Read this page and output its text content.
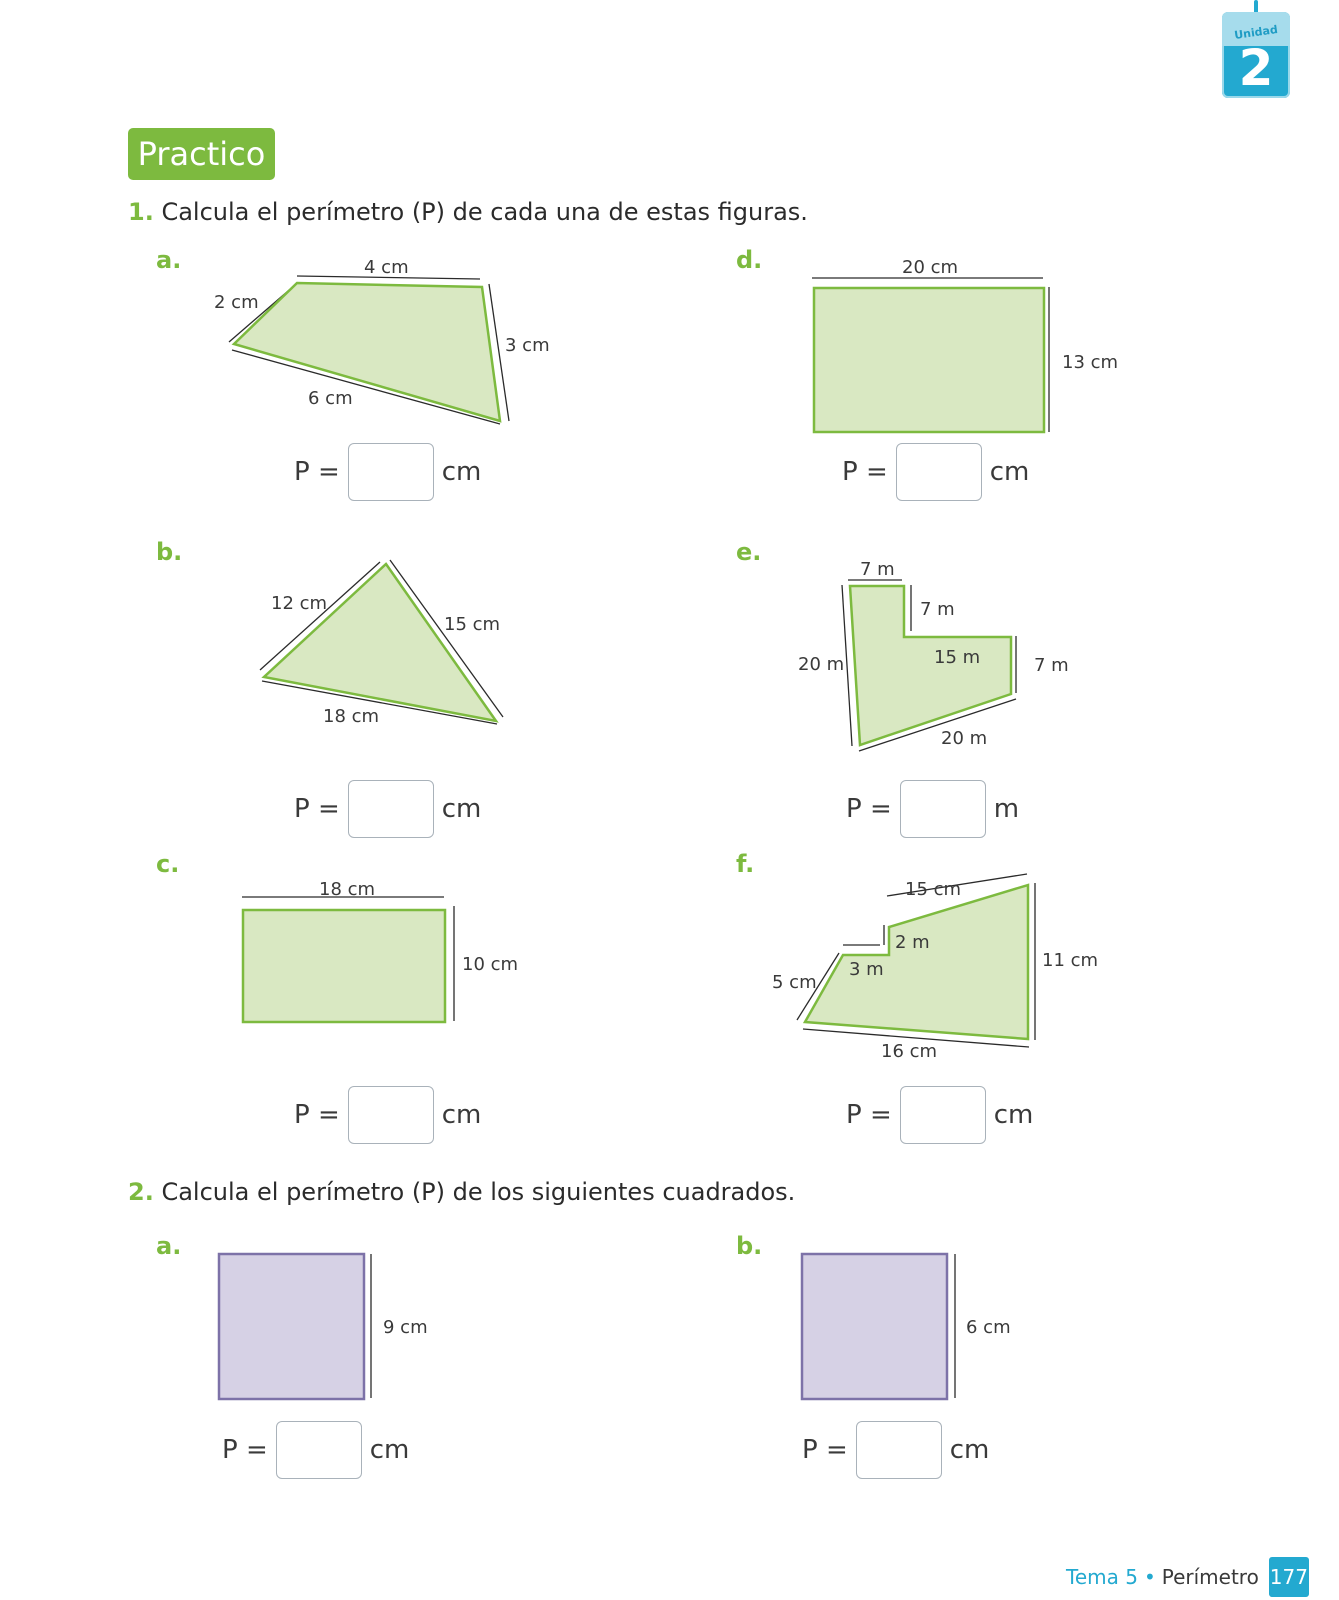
Unidad
2
Practico
1. Calcula el perímetro (P) de cada una de estas figuras.
a.
b.
c.
d.
e.
f.
4 cm
2 cm
3 cm
6 cm
12 cm
15 cm
18 cm
18 cm
10 cm
20 cm
13 cm
7 m
7 m
15 m
20 m	7 m
20 m
15 cm
2 m
3 m
5 cm
11 cm
16 cm
9 cm	6 cm
P =	cm
P =	cm
P =	cm
P =	cm
P =	m
P =	cm
2. Calcula el perímetro (P) de los siguientes cuadrados.
a.	b.
P =	cm	P =	cm
Tema 5 • Perímetro 177
